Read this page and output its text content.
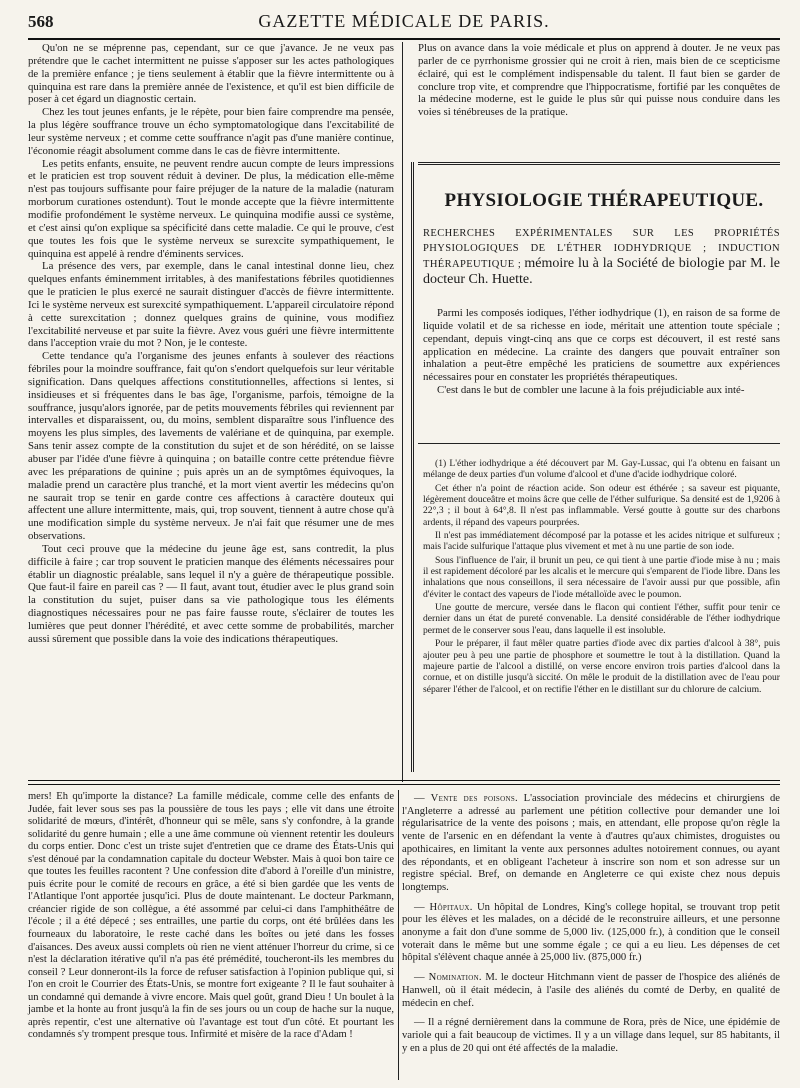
568	GAZETTE MÉDICALE DE PARIS.

Qu'on ne se méprenne pas, cependant, sur ce que j'avance. Je ne veux pas prétendre que le cachet intermittent ne puisse s'apposer sur les actes pathologiques de la première enfance ; je tiens seulement à établir que la fièvre intermittente ou à quinquina est rare dans la première année de l'existence, et qu'il est bien difficile de poser à cet égard un diagnostic certain.

Chez les tout jeunes enfants, je le répète, pour bien faire comprendre ma pensée, la plus légère souffrance trouve un écho symptomatologique dans l'excitabilité de leur système nerveux ; et comme cette souffrance n'agit pas d'une manière continue, l'économie réagit absolument comme dans le cas de fièvre intermittente.

Les petits enfants, ensuite, ne peuvent rendre aucun compte de leurs impressions et le praticien est trop souvent réduit à deviner. De plus, la médication elle-même n'est pas toujours suffisante pour faire préjuger de la nature de la maladie (naturam morborum curationes ostendunt). Tout le monde accepte que la fièvre intermittente modifie profondément le système nerveux. Le quinquina modifie aussi ce système, et c'est ainsi qu'on explique sa spécificité dans cette maladie. Ce qui le prouve, c'est que toutes les fois que le système nerveux se surexcite sympathiquement, le quinquina est appelé à rendre d'éminents services.

La présence des vers, par exemple, dans le canal intestinal donne lieu, chez quelques enfants éminemment irritables, à des manifestations fébriles quotidiennes que le praticien le plus exercé ne saurait distinguer d'accès de fièvre intermittente. Ici le système nerveux est surexcité sympathiquement. L'appareil circulatoire répond à cette surexcitation ; donnez quelques grains de quinine, vous modifiez l'excitabilité nerveuse et par suite la fièvre. Avez vous guéri une fièvre intermittente dans l'acception vraie du mot ? Non, je le conteste.

Cette tendance qu'a l'organisme des jeunes enfants à soulever des réactions fébriles pour la moindre souffrance, fait qu'on s'endort quelquefois sur leur véritable signification. Dans quelques affections constitutionnelles, affections si lentes, si insidieuses et si fréquentes dans le bas âge, l'organisme, parfois, témoigne de la souffrance, jusqu'alors ignorée, par de petits mouvements fébriles qui reviennent par intervalles et disparaissent, ou, du moins, semblent disparaître sous l'influence des moyens les plus simples, des lavements de valériane et de quinquina, par exemple. Sans tenir assez compte de la constitution du sujet et de son hérédité, on se laisse abuser par l'idée d'une fièvre à quinquina ; on bataille contre cette prétendue fièvre avec les préparations de quinine ; puis après un an de symptômes équivoques, la maladie prend un caractère plus tranché, et la mort vient avertir les médecins qu'on ne saurait trop se tenir en garde contre ces affections à caractère douteux qui affectent une allure intermittente, mais, qui, trop souvent, tiennent à autre chose qu'à une modification simple du système nerveux. Je n'ai fait que résumer une de mes observations.

Tout ceci prouve que la médecine du jeune âge est, sans contredit, la plus difficile à faire ; car trop souvent le praticien manque des éléments nécessaires pour établir un diagnostic préalable, sans lequel il n'y a guère de thérapeutique possible. Que faut-il faire en pareil cas ? — Il faut, avant tout, étudier avec le plus grand soin la constitution du sujet, puiser dans sa vie pathologique tous les éléments diagnostiques nécessaires pour ne pas faire fausse route, s'éclairer de toutes les lumières que peut donner l'hérédité, et avec cette somme de probabilités, marcher aussi sûrement que possible dans la voie des indications thérapeutiques.

Plus on avance dans la voie médicale et plus on apprend à douter. Je ne veux pas parler de ce pyrrhonisme grossier qui ne croit à rien, mais bien de ce scepticisme éclairé, qui est le complément indispensable du talent. Il faut bien se garder de conclure trop vite, et comprendre que l'hippocratisme, fortifié par les conquêtes de la médecine moderne, est le guide le plus sûr qui puisse nous conduire dans les voies si ténébreuses de la pratique.

PHYSIOLOGIE THÉRAPEUTIQUE.
RECHERCHES EXPÉRIMENTALES SUR LES PROPRIÉTÉS PHYSIOLOGIQUES DE L'ÉTHER IODHYDRIQUE ; INDUCTION THÉRAPEUTIQUE ; mémoire lu à la Société de biologie par M. le docteur Ch. Huette.

Parmi les composés iodiques, l'éther iodhydrique (1), en raison de sa forme de liquide volatil et de sa richesse en iode, méritait une attention toute spéciale ; cependant, depuis vingt-cinq ans que ce corps est découvert, il est resté sans application en médecine. La crainte des dangers que pouvait entraîner son inhalation a peut-être empêché les praticiens de soumettre aux expériences nécessaires pour en constater les propriétés thérapeutiques.

C'est dans le but de combler une lacune à la fois préjudiciable aux inté-

(1) L'éther iodhydrique a été découvert par M. Gay-Lussac, qui l'a obtenu en faisant un mélange de deux parties d'un volume d'alcool et d'une d'acide iodhydrique coloré.

Cet éther n'a point de réaction acide. Son odeur est éthérée ; sa saveur est piquante, légèrement douceâtre et moins âcre que celle de l'éther sulfurique. Sa densité est de 1,9206 à 22°,3 ; il bout à 64°,8. Il n'est pas inflammable. Versé goutte à goutte sur des charbons ardents, il répand des vapeurs pourprées.

Il n'est pas immédiatement décomposé par la potasse et les acides nitrique et sulfureux ; mais l'acide sulfurique l'attaque plus vivement et met à nu une partie de son iode.

Sous l'influence de l'air, il brunit un peu, ce qui tient à une partie d'iode mise à nu ; mais il est rapidement décoloré par les alcalis et le mercure qui s'emparent de l'iode libre. Dans les inhalations que nous conseillons, il sera nécessaire de l'avoir aussi pur que possible, afin d'éviter le contact des vapeurs de l'iode métalloïde avec le poumon.

Une goutte de mercure, versée dans le flacon qui contient l'éther, suffit pour tenir ce dernier dans un état de pureté convenable. La densité considérable de l'éther iodhydrique permet de le conserver sous l'eau, dans laquelle il est insoluble.

Pour le préparer, il faut mêler quatre parties d'iode avec dix parties d'alcool à 38°, puis ajouter peu à peu une partie de phosphore et soumettre le tout à la distillation. Quand la majeure partie de l'alcool a distillé, on verse encore environ trois parties d'alcool dans la cornue, et on distille jusqu'à siccité. On mêle le produit de la distillation avec de l'eau pour séparer l'éther de l'alcool, et on rectifie l'éther en le distillant sur du chlorure de calcium.

mers! Eh qu'importe la distance? La famille médicale, comme celle des enfants de Judée, fait lever sous ses pas la poussière de tous les pays ; elle vit dans une étroite solidarité de mœurs, d'intérêt, d'honneur qui se mêle, sans s'y confondre, à la grande solidarité du genre humain ; elle a une âme commune où viennent retentir les douleurs du corps entier. Donc c'est un triste sujet d'entretien que ce drame des États-Unis qui s'est dénoué par la condamnation capitale du docteur Webster. Mais à quoi bon taire ce que toutes les feuilles racontent ? Une confession dite d'abord à l'oreille d'un ministre, puis écrite pour le comité de recours en grâce, a été si bien gardée que les vents de l'Atlantique l'ont apportée jusqu'ici. Plus de doute maintenant. Le docteur Parkmann, créancier rigide de son collègue, a été assommé par celui-ci dans l'amphithéâtre de l'école ; il a été dépecé ; ses entrailles, une partie du corps, ont été brûlées dans les fourneaux du laboratoire, le reste caché dans les boîtes ou jeté dans les fosses d'aisances. Des aveux aussi complets où rien ne vient atténuer l'horreur du crime, si ce n'est la déclaration itérative qu'il n'a pas été prémédité, toucheront-ils les membres du conseil ? Leur donneront-ils la force de refuser satisfaction à l'opinion publique qui, si l'on en croit le Courrier des États-Unis, se montre fort exigeante ? Il le faut souhaiter à un condamné qui demande à vivre encore. Mais quel goût, grand Dieu ! Un boulet à la jambe et la honte au front jusqu'à la fin de ses jours ou un coup de hache sur la nuque, après repentir, c'est une alternative où l'avantage est tout d'un côté. Et pourtant les condamnés s'y trompent presque tous. Infirmité et misère de la race d'Adam !

— Vente des poisons. L'association provinciale des médecins et chirurgiens de l'Angleterre a adressé au parlement une pétition collective pour demander une loi régularisatrice de la vente des poisons ; mais, en attendant, elle propose qu'on règle la vente de l'arsenic en en défendant la vente à d'autres qu'aux chimistes, droguistes ou apothicaires, en limitant la vente aux personnes adultes notoirement connues, ou ayant des répondants, et en obligeant l'acheteur à inscrire son nom et son adresse sur un registre spécial. Bref, on demande en Angleterre ce qui existe chez nous depuis longtemps.

— Hôpitaux. Un hôpital de Londres, King's college hopital, se trouvant trop petit pour les élèves et les malades, on a décidé de le reconstruire ailleurs, et une personne anonyme a fait don d'une somme de 5,000 liv. (125,000 fr.), à condition que le conseil voterait dans le même but une somme égale ; ce qui a eu lieu. Les dépenses de cet hôpital s'élèvent chaque année à 25,000 liv. (875,000 fr.)

— Nomination. M. le docteur Hitchmann vient de passer de l'hospice des aliénés de Hanwell, où il était médecin, à l'asile des aliénés du comté de Derby, en qualité de médecin en chef.

— Il a régné dernièrement dans la commune de Rora, près de Nice, une épidémie de variole qui a fait beaucoup de victimes. Il y a un village dans lequel, sur 85 habitants, il y en a plus de 20 qui ont été affectés de la maladie.
